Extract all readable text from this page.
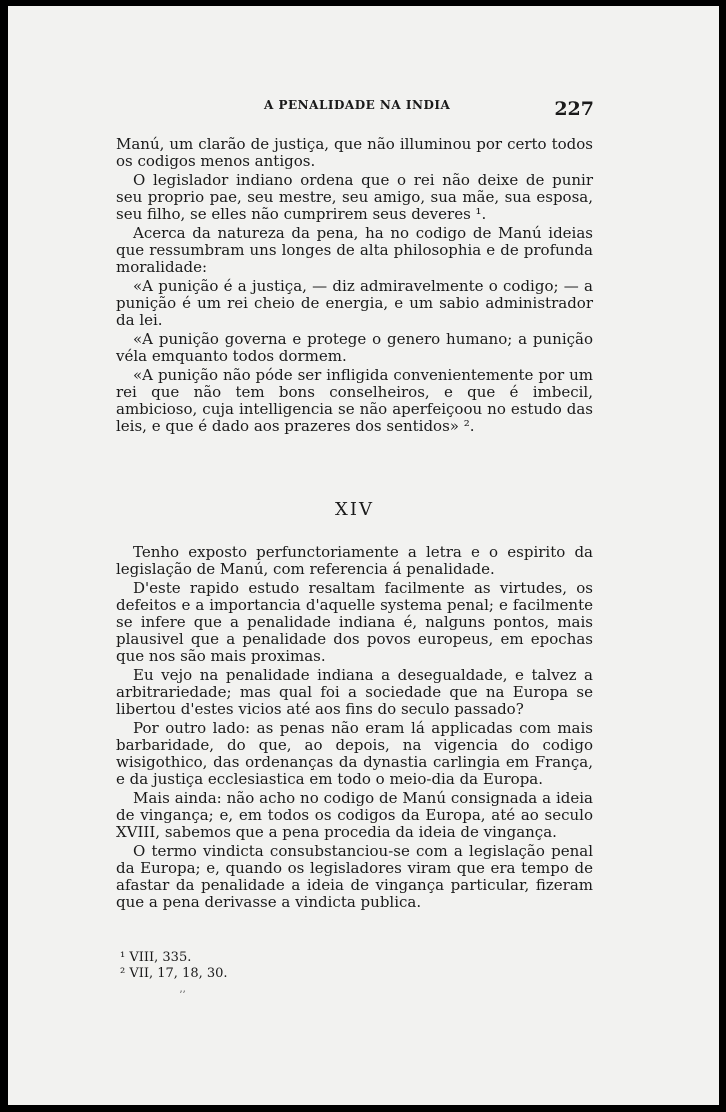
A PENALIDADE NA INDIA	227

Manú, um clarão de justiça, que não illuminou por certo todos os codigos menos antigos.

O legislador indiano ordena que o rei não deixe de punir seu proprio pae, seu mestre, seu amigo, sua mãe, sua esposa, seu filho, se elles não cumprirem seus deveres ¹.

Acerca da natureza da pena, ha no codigo de Manú ideias que ressumbram uns longes de alta philosophia e de profunda moralidade:

«A punição é a justiça, — diz admiravelmente o codigo; — a punição é um rei cheio de energia, e um sabio administrador da lei.

«A punição governa e protege o genero humano; a punição véla emquanto todos dormem.

«A punição não póde ser infligida convenientemente por um rei que não tem bons conselheiros, e que é imbecil, ambicioso, cuja intelligencia se não aperfeiçoou no estudo das leis, e que é dado aos prazeres dos sentidos» ².

XIV

Tenho exposto perfunctoriamente a letra e o espirito da legislação de Manú, com referencia á penalidade.

D'este rapido estudo resaltam facilmente as virtudes, os defeitos e a importancia d'aquelle systema penal; e facilmente se infere que a penalidade indiana é, nalguns pontos, mais plausivel que a penalidade dos povos europeus, em epochas que nos são mais proximas.

Eu vejo na penalidade indiana a desegualdade, e talvez a arbitrariedade; mas qual foi a sociedade que na Europa se libertou d'estes vicios até aos fins do seculo passado?

Por outro lado: as penas não eram lá applicadas com mais barbaridade, do que, ao depois, na vigencia do codigo wisigothico, das ordenanças da dynastia carlingia em França, e da justiça ecclesiastica em todo o meio-dia da Europa.

Mais ainda: não acho no codigo de Manú consignada a ideia de vingança; e, em todos os codigos da Europa, até ao seculo XVIII, sabemos que a pena procedia da ideia de vingança.

O termo vindicta consubstanciou-se com a legislação penal da Europa; e, quando os legisladores viram que era tempo de afastar da penalidade a ideia de vingança particular, fizeram que a pena derivasse a vindicta publica.

¹ VIII, 335.
² VII, 17, 18, 30.
ʼʼ
